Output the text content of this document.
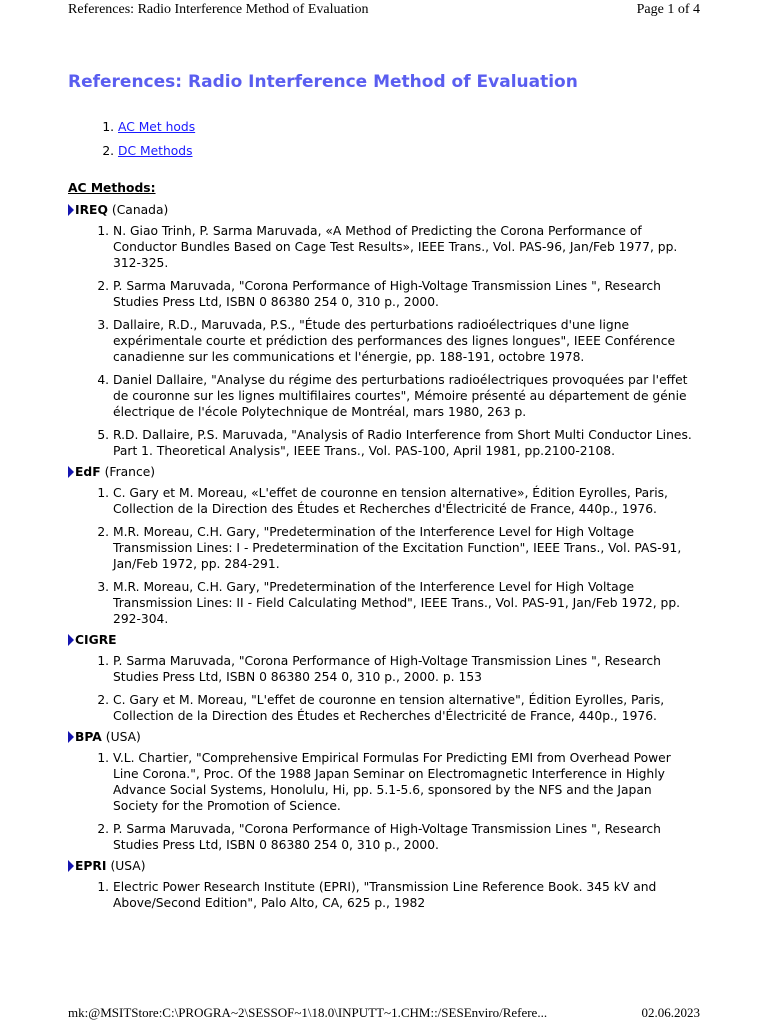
References: Radio Interference Method of Evaluation	Page 1 of 4
References: Radio Interference Method of Evaluation
1. AC Met hods
2. DC Methods
AC Methods:
IREQ (Canada)
1. N. Giao Trinh, P. Sarma Maruvada, «A Method of Predicting the Corona Performance of Conductor Bundles Based on Cage Test Results», IEEE Trans., Vol. PAS-96, Jan/Feb 1977, pp. 312-325.
2. P. Sarma Maruvada, "Corona Performance of High-Voltage Transmission Lines ", Research Studies Press Ltd, ISBN 0 86380 254 0, 310 p., 2000.
3. Dallaire, R.D., Maruvada, P.S., "Étude des perturbations radioélectriques d'une ligne expérimentale courte et prédiction des performances des lignes longues", IEEE Conférence canadienne sur les communications et l'énergie, pp. 188-191, octobre 1978.
4. Daniel Dallaire, "Analyse du régime des perturbations radioélectriques provoquées par l'effet de couronne sur les lignes multifilaires courtes", Mémoire présenté au département de génie électrique de l'école Polytechnique de Montréal, mars 1980, 263 p.
5. R.D. Dallaire, P.S. Maruvada, "Analysis of Radio Interference from Short Multi Conductor Lines. Part 1. Theoretical Analysis", IEEE Trans., Vol. PAS-100, April 1981, pp.2100-2108.
EdF (France)
1. C. Gary et M. Moreau, «L'effet de couronne en tension alternative», Édition Eyrolles, Paris, Collection de la Direction des Études et Recherches d'Électricité de France, 440p., 1976.
2. M.R. Moreau, C.H. Gary, "Predetermination of the Interference Level for High Voltage Transmission Lines: I - Predetermination of the Excitation Function", IEEE Trans., Vol. PAS-91, Jan/Feb 1972, pp. 284-291.
3. M.R. Moreau, C.H. Gary, "Predetermination of the Interference Level for High Voltage Transmission Lines: II - Field Calculating Method", IEEE Trans., Vol. PAS-91, Jan/Feb 1972, pp. 292-304.
CIGRE
1. P. Sarma Maruvada, "Corona Performance of High-Voltage Transmission Lines ", Research Studies Press Ltd, ISBN 0 86380 254 0, 310 p., 2000. p. 153
2. C. Gary et M. Moreau, "L'effet de couronne en tension alternative", Édition Eyrolles, Paris, Collection de la Direction des Études et Recherches d'Électricité de France, 440p., 1976.
BPA (USA)
1. V.L. Chartier, "Comprehensive Empirical Formulas For Predicting EMI from Overhead Power Line Corona.", Proc. Of the 1988 Japan Seminar on Electromagnetic Interference in Highly Advance Social Systems, Honolulu, Hi, pp. 5.1-5.6, sponsored by the NFS and the Japan Society for the Promotion of Science.
2. P. Sarma Maruvada, "Corona Performance of High-Voltage Transmission Lines ", Research Studies Press Ltd, ISBN 0 86380 254 0, 310 p., 2000.
EPRI (USA)
1. Electric Power Research Institute (EPRI), "Transmission Line Reference Book. 345 kV and Above/Second Edition", Palo Alto, CA, 625 p., 1982
mk:@MSITStore:C:\PROGRA~2\SESSOF~1\18.0\INPUTT~1.CHM::/SESEnviro/Refere...	02.06.2023
